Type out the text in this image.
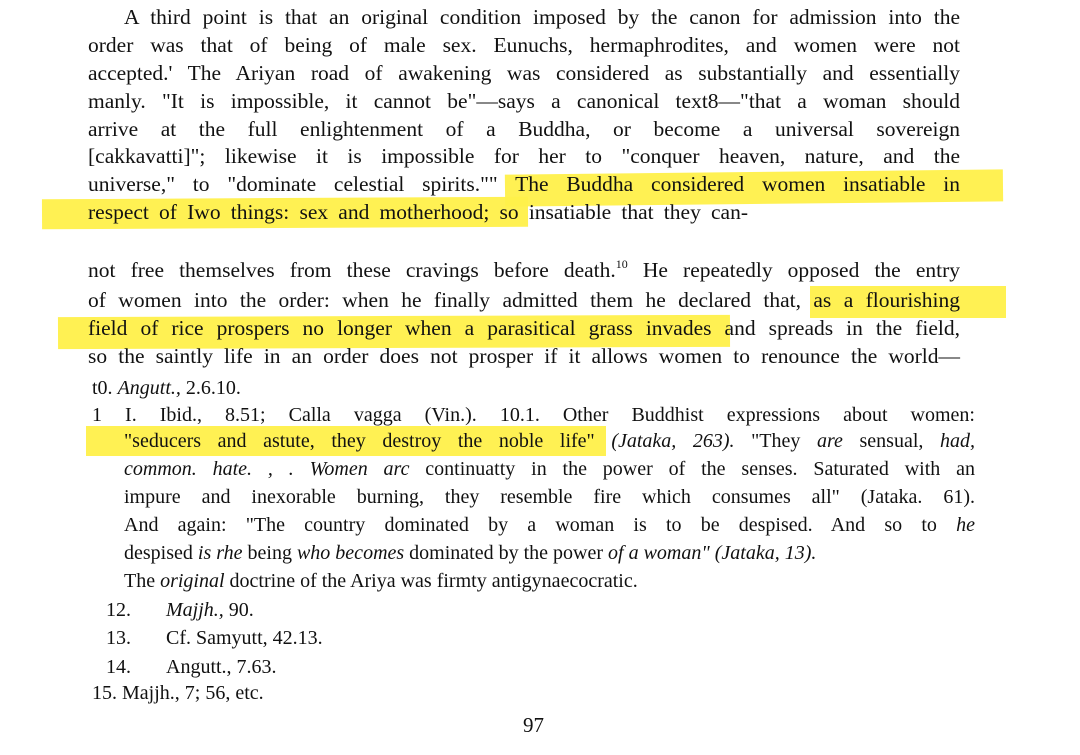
A third point is that an original condition imposed by the canon for admission into the
order was that of being of male sex. Eunuchs, hermaphrodites, and women were not
accepted.' The Ariyan road of awakening was considered as substantially and essentially
manly. "It is impossible, it cannot be"—says a canonical text8—"that a woman should
arrive at the full enlightenment of a Buddha, or become a universal sovereign
[cakkavatti]"; likewise it is impossible for her to "conquer heaven, nature, and the
universe," to "dominate celestial spirits."" The Buddha considered women insatiable in
respect of Iwo things: sex and motherhood; so insatiable that they can-
not free themselves from these cravings before death.$^{10}$ He repeatedly opposed the entry
of women into the order: when he finally admitted them he declared that, as a flourishing
field of rice prospers no longer when a parasitical grass invades and spreads in the field,
so the saintly life in an order does not prosper if it allows women to renounce the world—
t0. Angutt., 2.6.10.
1 I. Ibid., 8.51; Calla vagga (Vin.). 10.1. Other Buddhist expressions about women:
"seducers and astute, they destroy the noble life" (Jataka, 263). "They are sensual, had,
common. hate. , . Women arc continuatty in the power of the senses. Saturated with an
impure and inexorable burning, they resemble fire which consumes all" (Jataka. 61).
And again: "The country dominated by a woman is to be despised. And so to he
despised is rhe being who becomes dominated by the power of a woman" (Jataka, 13).
The original doctrine of the Ariya was firmty antigynaecocratic.
12. Majjh., 90.
13. Cf. Samyutt, 42.13.
14. Angutt., 7.63.
15. Majjh., 7; 56, etc.
97
